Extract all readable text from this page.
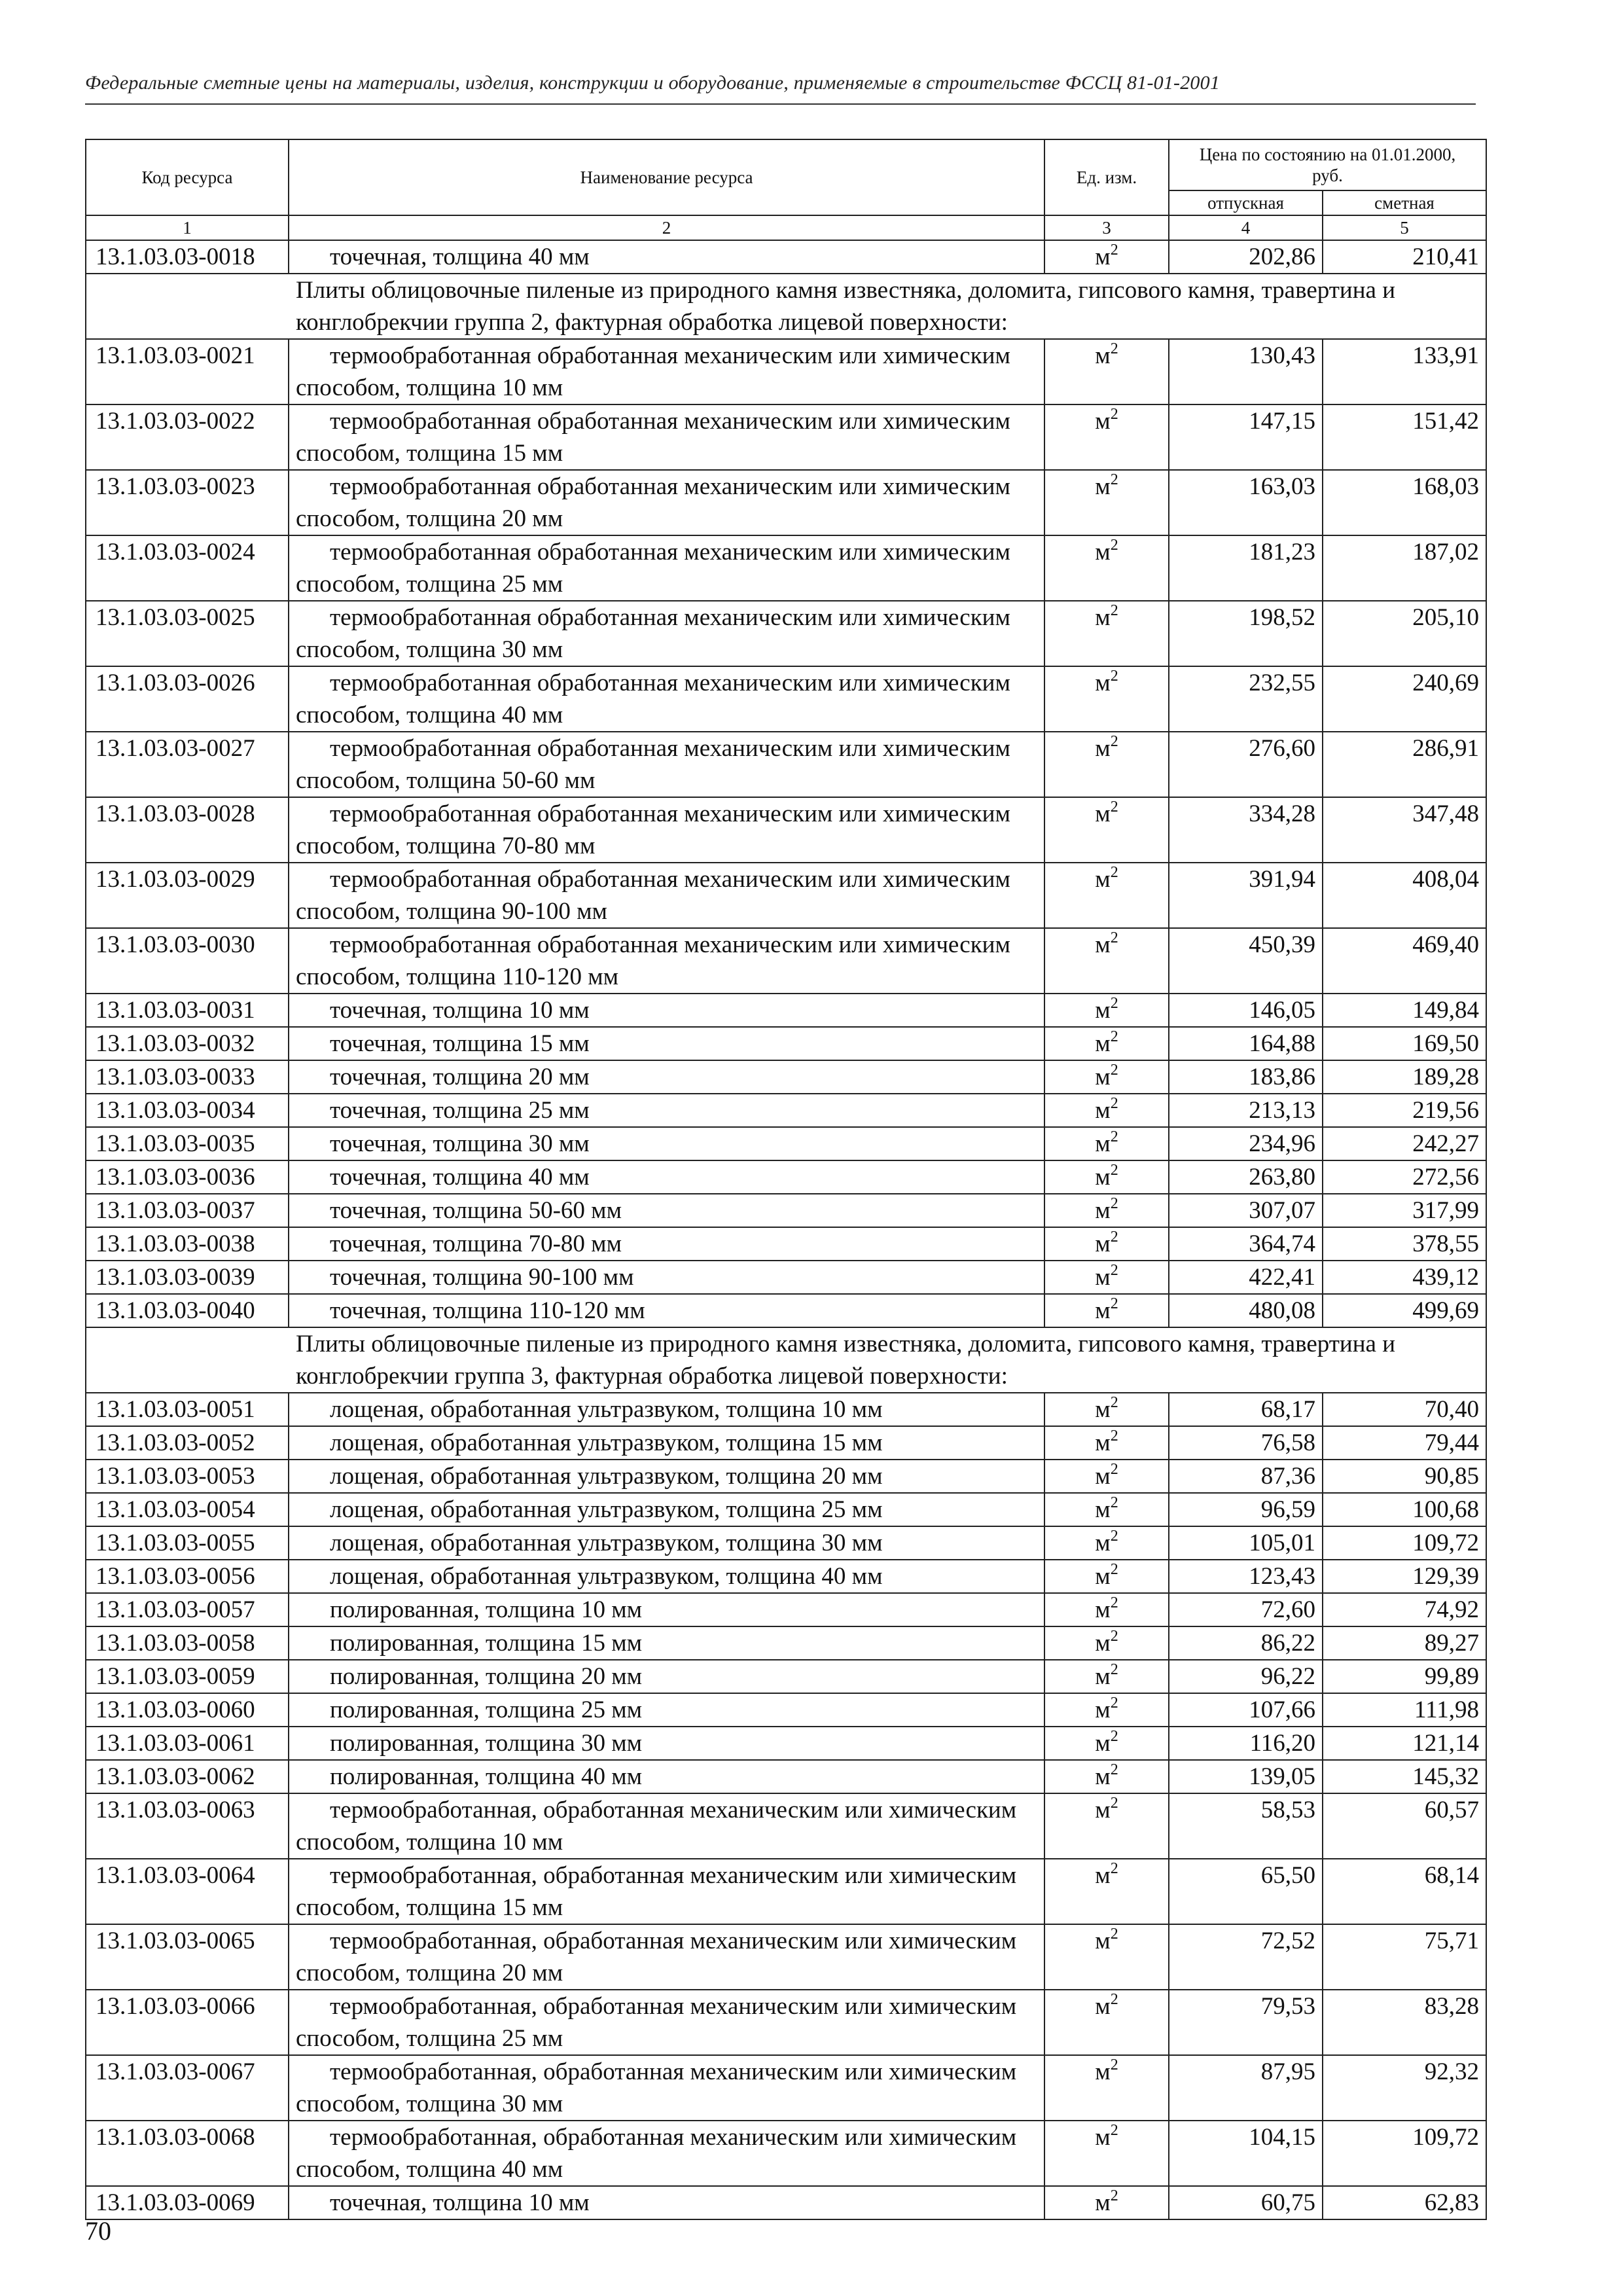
Федеральные сметные цены на материалы, изделия, конструкции и оборудование, применяемые в строительстве ФССЦ 81-01-2001
Код ресурса	Наименование ресурса	Ед. изм.	Цена по состоянию на 01.01.2000, руб.	
			отпускная	сметная
1	2	3	4	5
13.1.03.03-0018	точечная, толщина 40 мм	$м^2$	202,86	210,41
Плиты облицовочные пиленые из природного камня известняка, доломита, гипсового камня, травертина и конглобрекчии группа 2, фактурная обработка лицевой поверхности:				
13.1.03.03-0021	термообработанная обработанная механическим или химическим способом, толщина 10 мм	$м^2$	130,43	133,91
13.1.03.03-0022	термообработанная обработанная механическим или химическим способом, толщина 15 мм	$м^2$	147,15	151,42
13.1.03.03-0023	термообработанная обработанная механическим или химическим способом, толщина 20 мм	$м^2$	163,03	168,03
13.1.03.03-0024	термообработанная обработанная механическим или химическим способом, толщина 25 мм	$м^2$	181,23	187,02
13.1.03.03-0025	термообработанная обработанная механическим или химическим способом, толщина 30 мм	$м^2$	198,52	205,10
13.1.03.03-0026	термообработанная обработанная механическим или химическим способом, толщина 40 мм	$м^2$	232,55	240,69
13.1.03.03-0027	термообработанная обработанная механическим или химическим способом, толщина 50-60 мм	$м^2$	276,60	286,91
13.1.03.03-0028	термообработанная обработанная механическим или химическим способом, толщина 70-80 мм	$м^2$	334,28	347,48
13.1.03.03-0029	термообработанная обработанная механическим или химическим способом, толщина 90-100 мм	$м^2$	391,94	408,04
13.1.03.03-0030	термообработанная обработанная механическим или химическим способом, толщина 110-120 мм	$м^2$	450,39	469,40
13.1.03.03-0031	точечная, толщина 10 мм	$м^2$	146,05	149,84
13.1.03.03-0032	точечная, толщина 15 мм	$м^2$	164,88	169,50
13.1.03.03-0033	точечная, толщина 20 мм	$м^2$	183,86	189,28
13.1.03.03-0034	точечная, толщина 25 мм	$м^2$	213,13	219,56
13.1.03.03-0035	точечная, толщина 30 мм	$м^2$	234,96	242,27
13.1.03.03-0036	точечная, толщина 40 мм	$м^2$	263,80	272,56
13.1.03.03-0037	точечная, толщина 50-60 мм	$м^2$	307,07	317,99
13.1.03.03-0038	точечная, толщина 70-80 мм	$м^2$	364,74	378,55
13.1.03.03-0039	точечная, толщина 90-100 мм	$м^2$	422,41	439,12
13.1.03.03-0040	точечная, толщина 110-120 мм	$м^2$	480,08	499,69
Плиты облицовочные пиленые из природного камня известняка, доломита, гипсового камня, травертина и конглобрекчии группа 3, фактурная обработка лицевой поверхности:				
13.1.03.03-0051	лощеная, обработанная ультразвуком, толщина 10 мм	$м^2$	68,17	70,40
13.1.03.03-0052	лощеная, обработанная ультразвуком, толщина 15 мм	$м^2$	76,58	79,44
13.1.03.03-0053	лощеная, обработанная ультразвуком, толщина 20 мм	$м^2$	87,36	90,85
13.1.03.03-0054	лощеная, обработанная ультразвуком, толщина 25 мм	$м^2$	96,59	100,68
13.1.03.03-0055	лощеная, обработанная ультразвуком, толщина 30 мм	$м^2$	105,01	109,72
13.1.03.03-0056	лощеная, обработанная ультразвуком, толщина 40 мм	$м^2$	123,43	129,39
13.1.03.03-0057	полированная, толщина 10 мм	$м^2$	72,60	74,92
13.1.03.03-0058	полированная, толщина 15 мм	$м^2$	86,22	89,27
13.1.03.03-0059	полированная, толщина 20 мм	$м^2$	96,22	99,89
13.1.03.03-0060	полированная, толщина 25 мм	$м^2$	107,66	111,98
13.1.03.03-0061	полированная, толщина 30 мм	$м^2$	116,20	121,14
13.1.03.03-0062	полированная, толщина 40 мм	$м^2$	139,05	145,32
13.1.03.03-0063	термообработанная, обработанная механическим или химическим способом, толщина 10 мм	$м^2$	58,53	60,57
13.1.03.03-0064	термообработанная, обработанная механическим или химическим способом, толщина 15 мм	$м^2$	65,50	68,14
13.1.03.03-0065	термообработанная, обработанная механическим или химическим способом, толщина 20 мм	$м^2$	72,52	75,71
13.1.03.03-0066	термообработанная, обработанная механическим или химическим способом, толщина 25 мм	$м^2$	79,53	83,28
13.1.03.03-0067	термообработанная, обработанная механическим или химическим способом, толщина 30 мм	$м^2$	87,95	92,32
13.1.03.03-0068	термообработанная, обработанная механическим или химическим способом, толщина 40 мм	$м^2$	104,15	109,72
13.1.03.03-0069	точечная, толщина 10 мм	$м^2$	60,75	62,83
70
